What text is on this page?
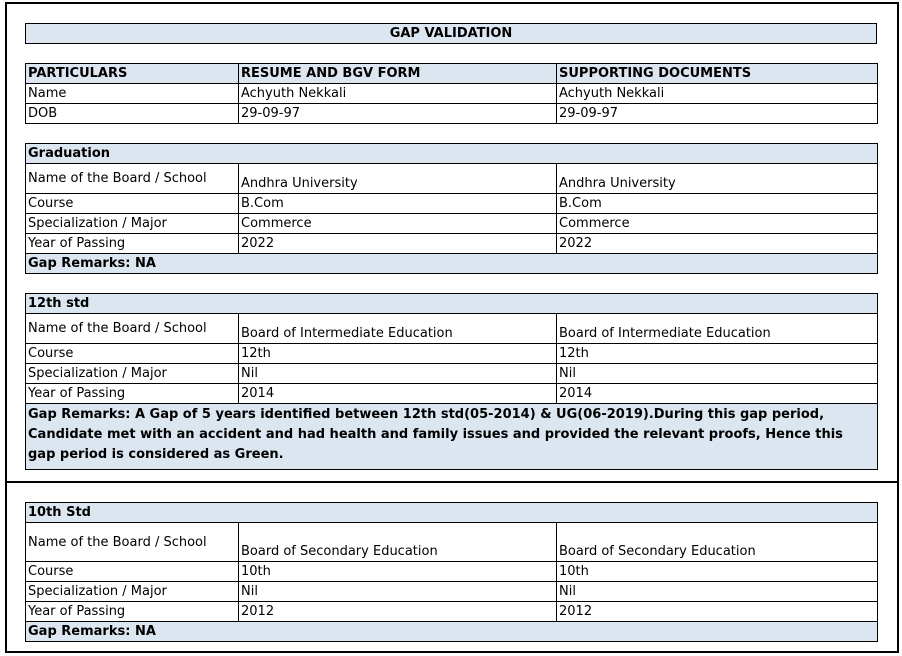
GAP VALIDATION
PARTICULARS	RESUME AND BGV FORM	SUPPORTING DOCUMENTS
Name	Achyuth Nekkali	Achyuth Nekkali
DOB	29-09-97	29-09-97
Graduation		
Name of the Board / School	Andhra University	Andhra University
Course	B.Com	B.Com
Specialization / Major	Commerce	Commerce
Year of Passing	2022	2022
Gap Remarks: NA		
12th std		
Name of the Board / School	Board of Intermediate Education	Board of Intermediate Education
Course	12th	12th
Specialization / Major	Nil	Nil
Year of Passing	2014	2014
Gap Remarks: A Gap of 5 years identified between 12th std(05-2014) & UG(06-2019).During this gap period, Candidate met with an accident and had health and family issues and provided the relevant proofs, Hence this gap period is considered as Green.		
10th Std		
Name of the Board / School	Board of Secondary Education	Board of Secondary Education
Course	10th	10th
Specialization / Major	Nil	Nil
Year of Passing	2012	2012
Gap Remarks: NA		
